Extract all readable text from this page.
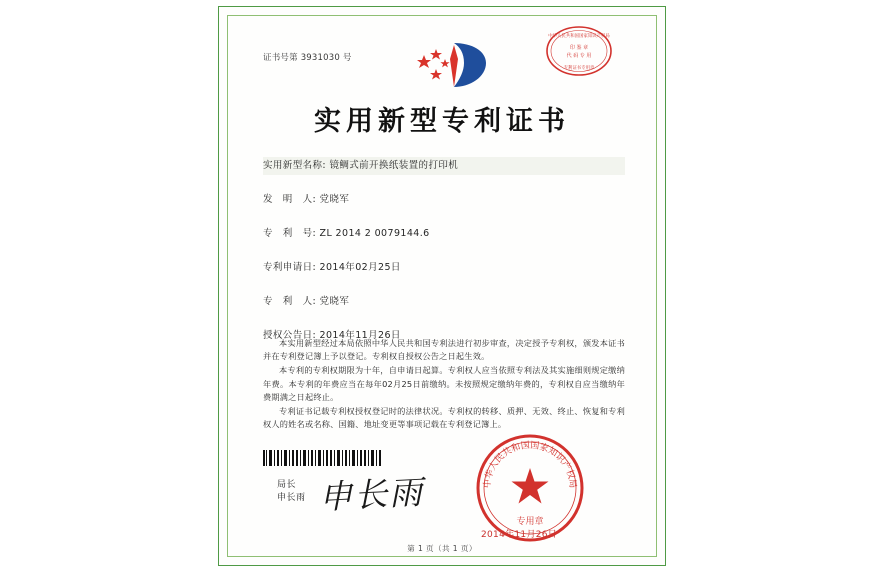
证书号第 3931030 号
中华人民共和国国家知识产权局
印 鉴 章
代 码 专 用
专利证书专用章
实用新型专利证书
实用新型名称: 镜鲷式前开换纸装置的打印机
发　明　人: 党晓军
专　利　号: ZL 2014 2 0079144.6
专利申请日: 2014年02月25日
专　利　人: 党晓军
授权公告日: 2014年11月26日

本实用新型经过本局依照中华人民共和国专利法进行初步审查，决定授予专利权，颁发本证书并在专利登记簿上予以登记。专利权自授权公告之日起生效。

本专利的专利权期限为十年，自申请日起算。专利权人应当依照专利法及其实施细则规定缴纳年费。本专利的年费应当在每年02月25日前缴纳。未按照规定缴纳年费的，专利权自应当缴纳年费期满之日起终止。

专利证书记载专利权授权登记时的法律状况。专利权的转移、质押、无效、终止、恢复和专利权人的姓名或名称、国籍、地址变更等事项记载在专利登记簿上。

局长
申长雨 申长雨	中华人民共和国国家知识产权局
专用章
2014年11月26日
第 1 页（共 1 页）
